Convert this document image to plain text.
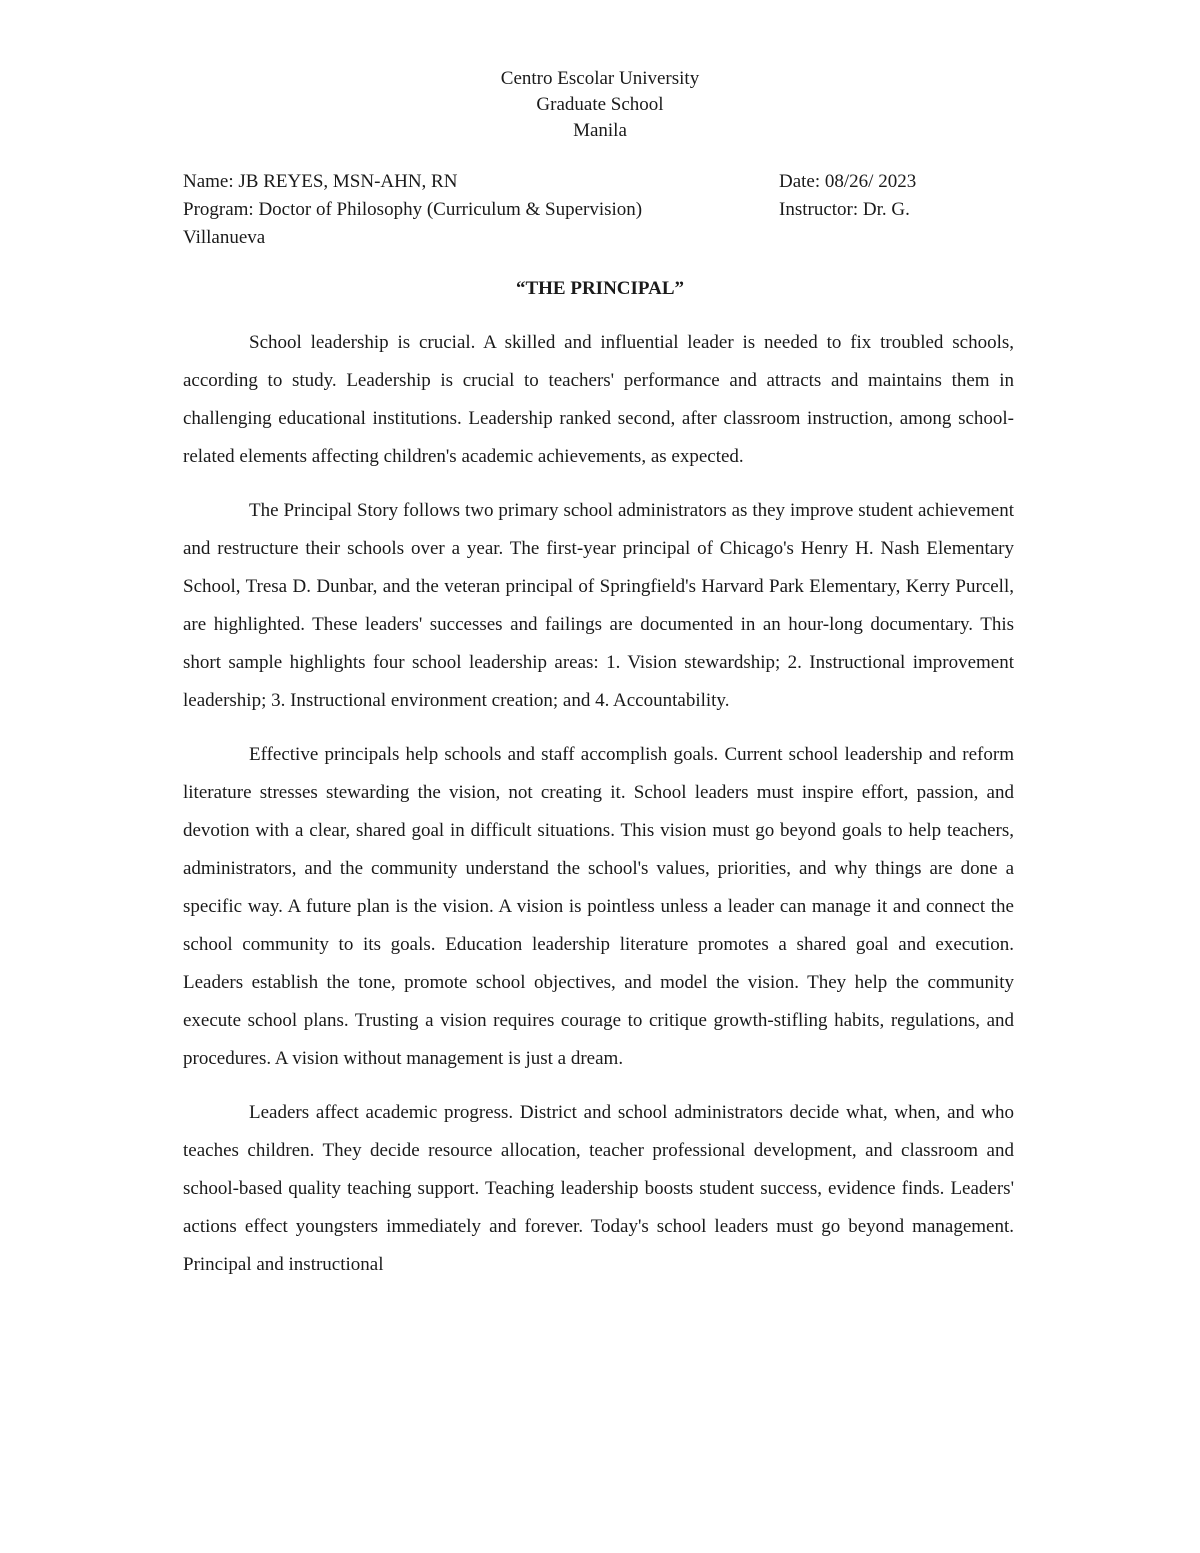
Centro Escolar University
Graduate School
Manila
Name: JB REYES, MSN-AHN, RN	Date: 08/26/ 2023
Program: Doctor of Philosophy (Curriculum & Supervision)	Instructor: Dr. G.
Villanueva
“THE PRINCIPAL”

School leadership is crucial. A skilled and influential leader is needed to fix troubled schools, according to study. Leadership is crucial to teachers' performance and attracts and maintains them in challenging educational institutions. Leadership ranked second, after classroom instruction, among school-related elements affecting children's academic achievements, as expected.

The Principal Story follows two primary school administrators as they improve student achievement and restructure their schools over a year. The first-year principal of Chicago's Henry H. Nash Elementary School, Tresa D. Dunbar, and the veteran principal of Springfield's Harvard Park Elementary, Kerry Purcell, are highlighted. These leaders' successes and failings are documented in an hour-long documentary. This short sample highlights four school leadership areas: 1. Vision stewardship; 2. Instructional improvement leadership; 3. Instructional environment creation; and 4. Accountability.

Effective principals help schools and staff accomplish goals. Current school leadership and reform literature stresses stewarding the vision, not creating it. School leaders must inspire effort, passion, and devotion with a clear, shared goal in difficult situations. This vision must go beyond goals to help teachers, administrators, and the community understand the school's values, priorities, and why things are done a specific way. A future plan is the vision. A vision is pointless unless a leader can manage it and connect the school community to its goals. Education leadership literature promotes a shared goal and execution. Leaders establish the tone, promote school objectives, and model the vision. They help the community execute school plans. Trusting a vision requires courage to critique growth-stifling habits, regulations, and procedures. A vision without management is just a dream.

Leaders affect academic progress. District and school administrators decide what, when, and who teaches children. They decide resource allocation, teacher professional development, and classroom and school-based quality teaching support. Teaching leadership boosts student success, evidence finds. Leaders' actions effect youngsters immediately and forever. Today's school leaders must go beyond management. Principal and instructional
